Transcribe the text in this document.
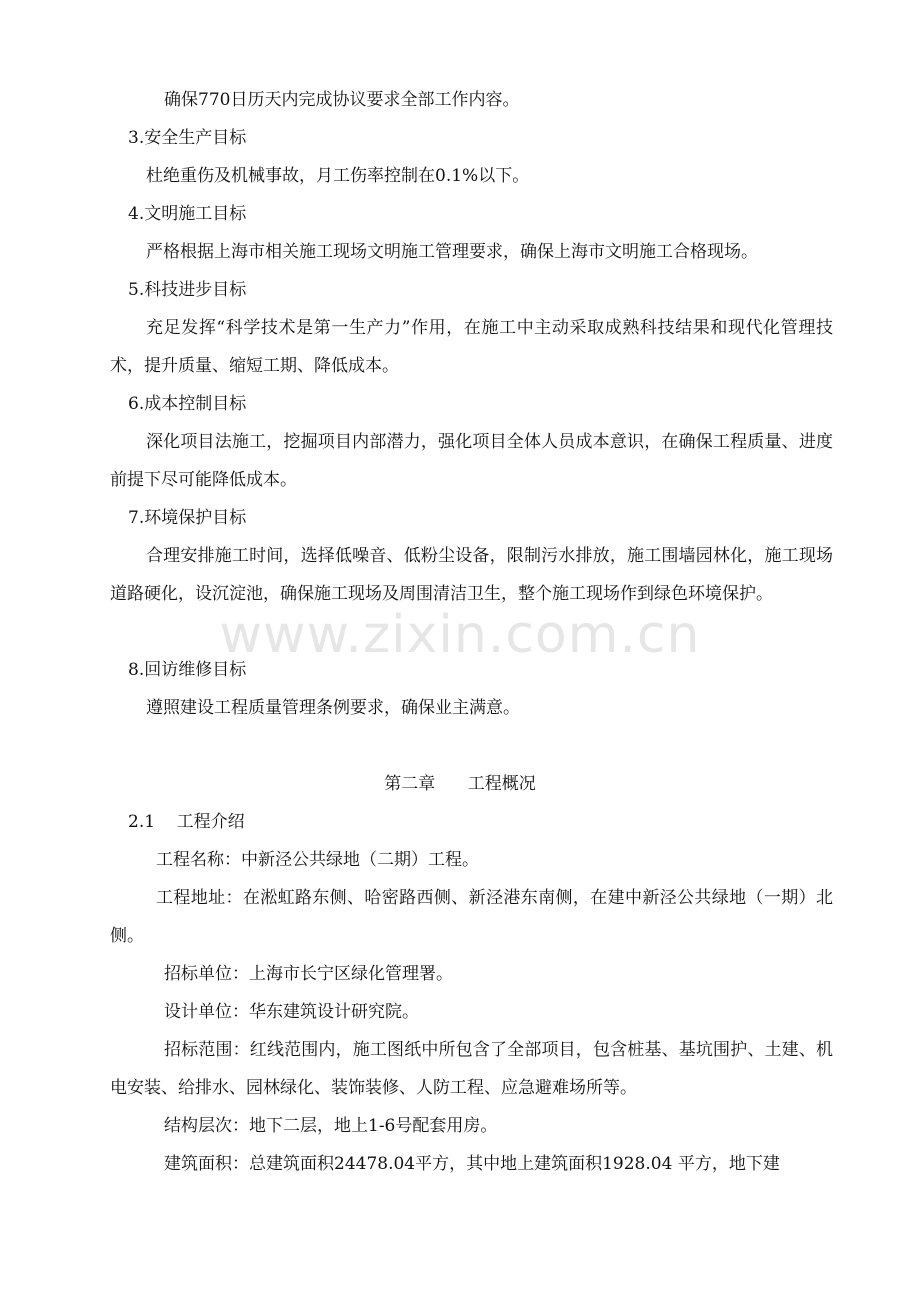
www.zixin.com.cn
确保770日历天内完成协议要求全部工作内容。
3.安全生产目标
杜绝重伤及机械事故，月工伤率控制在0.1%以下。
4.文明施工目标
严格根据上海市相关施工现场文明施工管理要求，确保上海市文明施工合格现场。
5.科技进步目标
充足发挥“科学技术是第一生产力”作用，在施工中主动采取成熟科技结果和现代化管理技术，提升质量、缩短工期、降低成本。
6.成本控制目标
深化项目法施工，挖掘项目内部潜力，强化项目全体人员成本意识，在确保工程质量、进度前提下尽可能降低成本。
7.环境保护目标
合理安排施工时间，选择低噪音、低粉尘设备，限制污水排放，施工围墙园林化，施工现场道路硬化，设沉淀池，确保施工现场及周围清洁卫生，整个施工现场作到绿色环境保护。
8.回访维修目标
遵照建设工程质量管理条例要求，确保业主满意。
第二章      工程概况
2.1    工程介绍
工程名称：中新泾公共绿地（二期）工程。
工程地址：在淞虹路东侧、哈密路西侧、新泾港东南侧，在建中新泾公共绿地（一期）北侧。
招标单位：上海市长宁区绿化管理署。
设计单位：华东建筑设计研究院。
招标范围：红线范围内，施工图纸中所包含了全部项目，包含桩基、基坑围护、土建、机电安装、给排水、园林绿化、装饰装修、人防工程、应急避难场所等。
结构层次：地下二层，地上1-6号配套用房。
建筑面积：总建筑面积24478.04平方，其中地上建筑面积1928.04 平方，地下建
